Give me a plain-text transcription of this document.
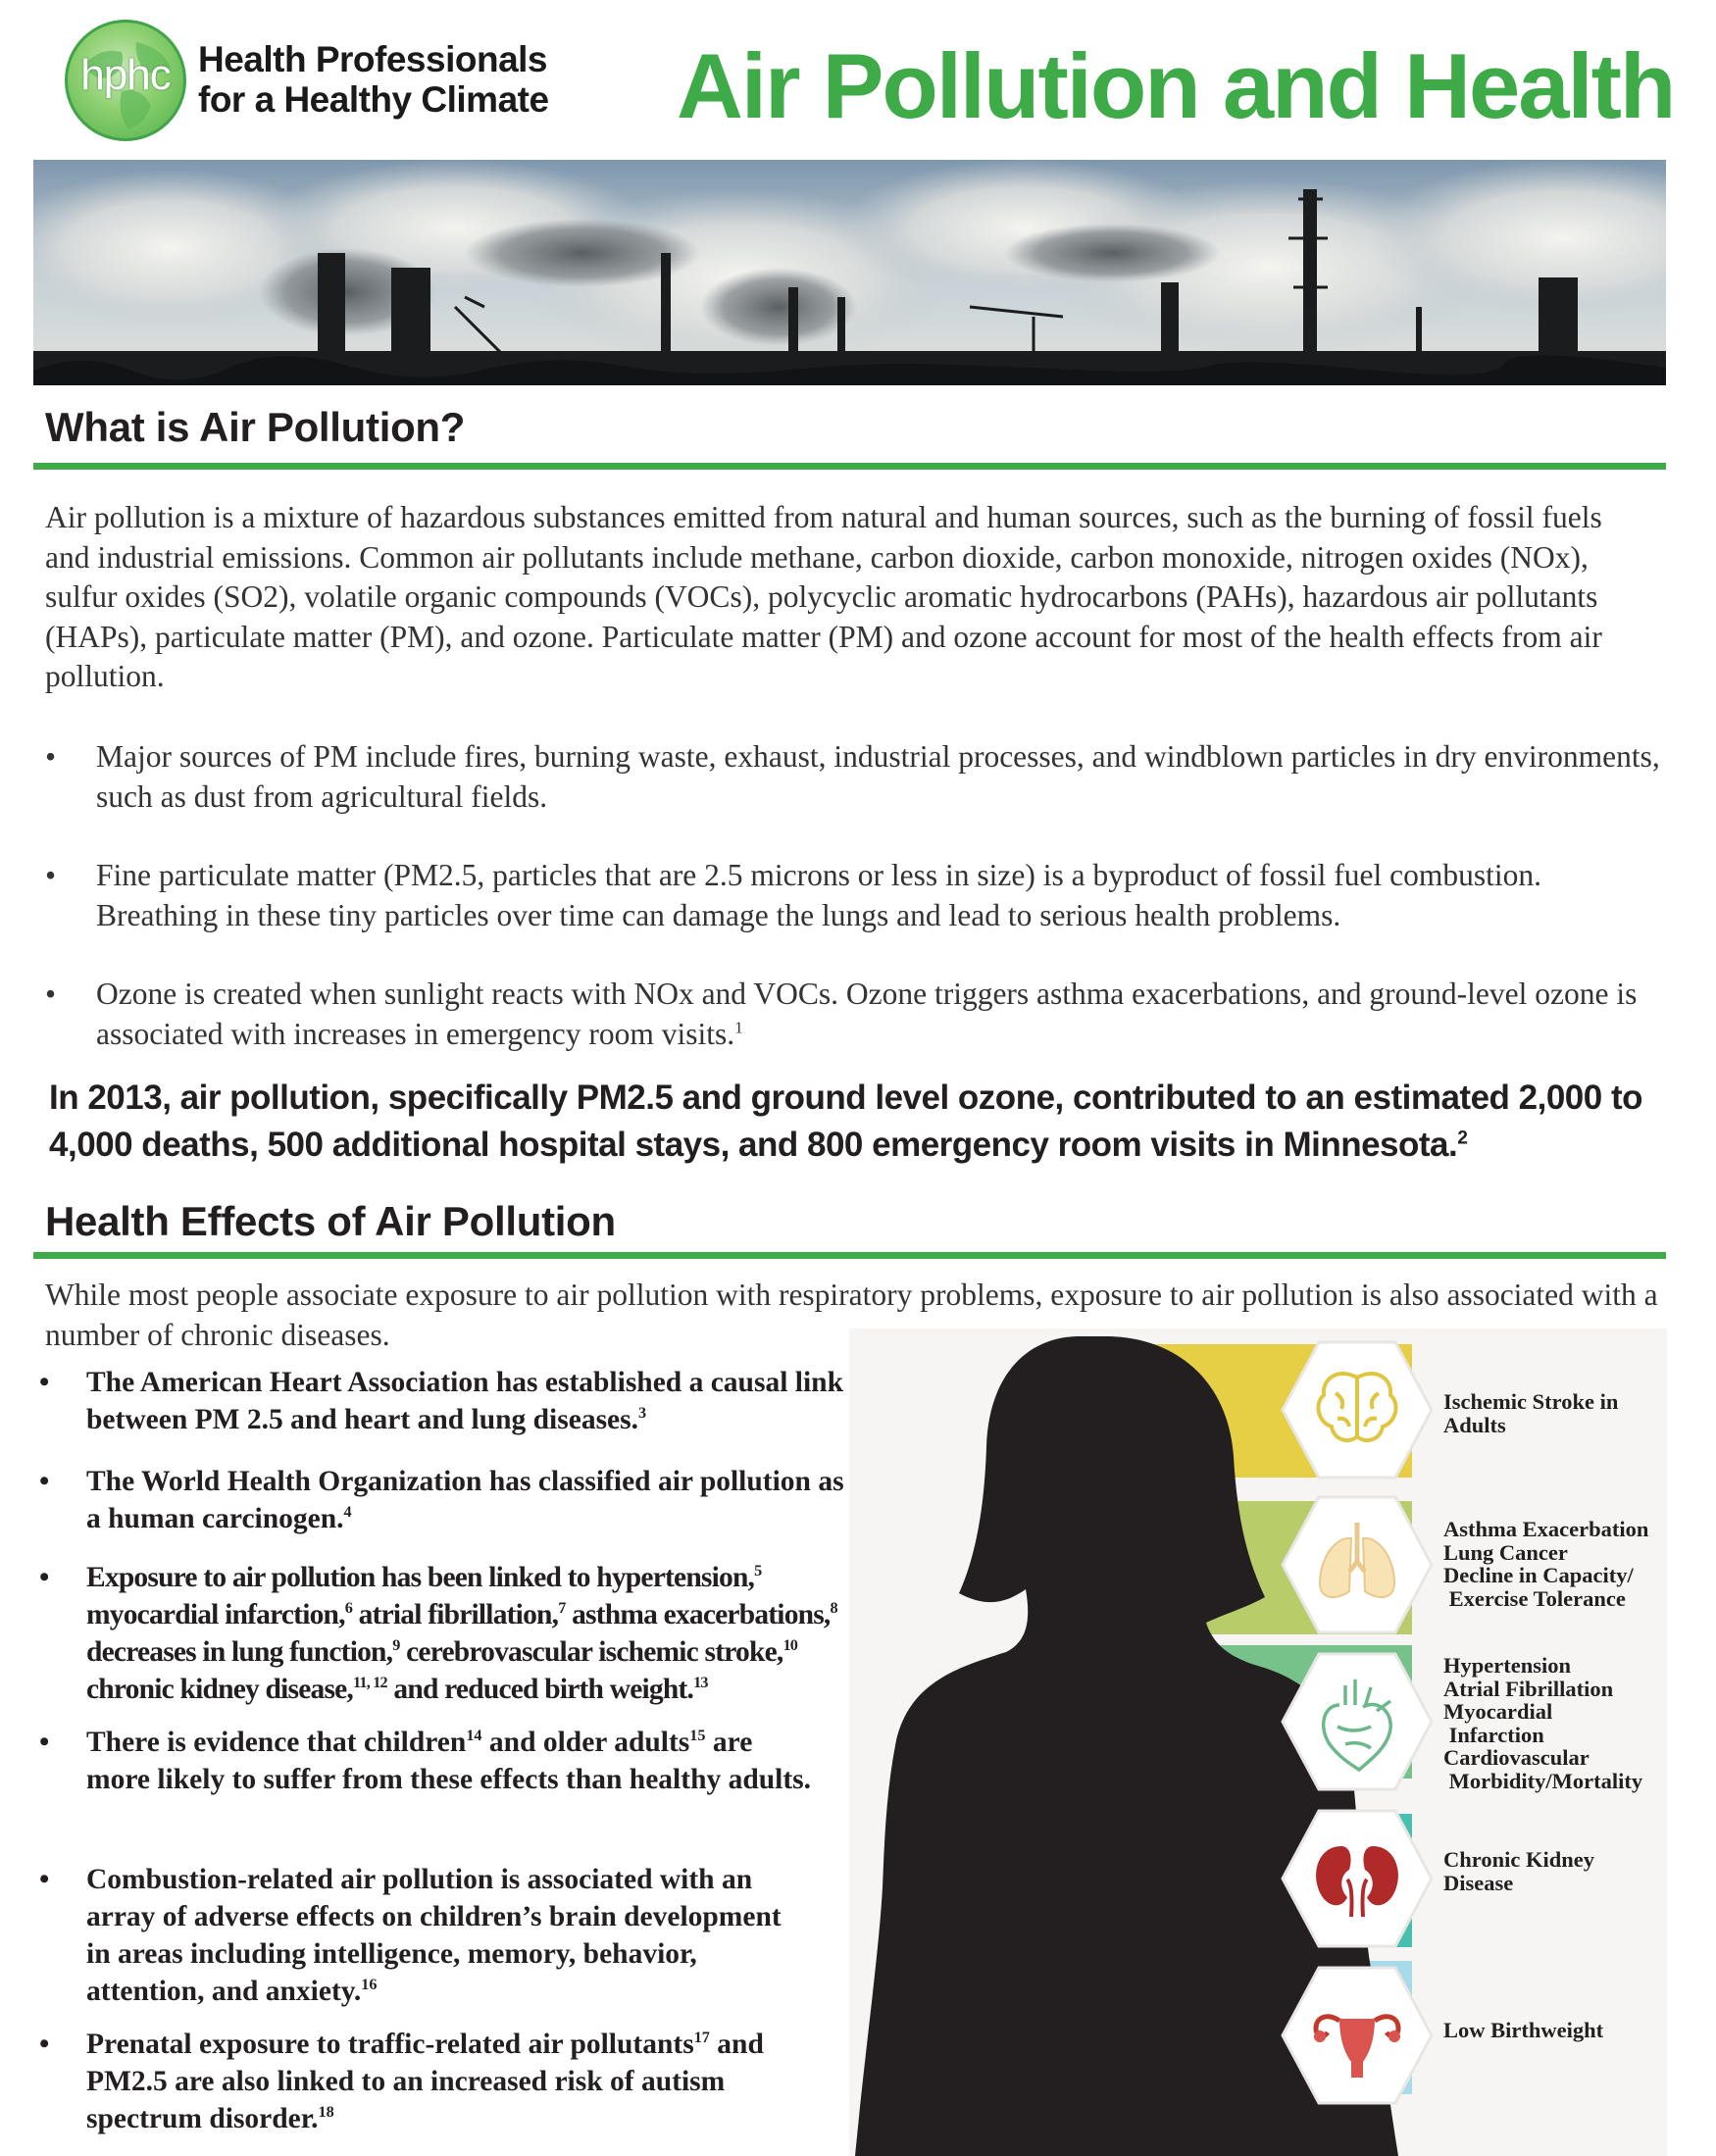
hphc Health Professionals
for a Healthy Climate Air Pollution and Health
What is Air Pollution?
Air pollution is a mixture of hazardous substances emitted from natural and human sources, such as the burning of fossil fuels and industrial emissions. Common air pollutants include methane, carbon dioxide, carbon monoxide, nitrogen oxides (NOx), sulfur oxides (SO2), volatile organic compounds (VOCs), polycyclic aromatic hydrocarbons (PAHs), hazardous air pollutants (HAPs), particulate matter (PM), and ozone. Particulate matter (PM) and ozone account for most of the health effects from air pollution.
• Major sources of PM include fires, burning waste, exhaust, industrial processes, and windblown particles in dry environments, such as dust from agricultural fields.
• Fine particulate matter (PM2.5, particles that are 2.5 microns or less in size) is a byproduct of fossil fuel combustion. Breathing in these tiny particles over time can damage the lungs and lead to serious health problems.
• Ozone is created when sunlight reacts with NOx and VOCs. Ozone triggers asthma exacerbations, and ground-level ozone is associated with increases in emergency room visits.$^1$
In 2013, air pollution, specifically PM2.5 and ground level ozone, contributed to an estimated 2,000 to 4,000 deaths, 500 additional hospital stays, and 800 emergency room visits in Minnesota.$^2$
Health Effects of Air Pollution
While most people associate exposure to air pollution with respiratory problems, exposure to air pollution is also associated with a number of chronic diseases.
• The American Heart Association has established a causal link between PM 2.5 and heart and lung diseases.$^3$
• The World Health Organization has classified air pollution as a human carcinogen.$^4$
• Exposure to air pollution has been linked to hypertension,$^5$ myocardial infarction,$^6$ atrial fibrillation,$^7$ asthma exacerbations,$^8$ decreases in lung function,$^9$ cerebrovascular ischemic stroke,$^{10}$ chronic kidney disease,$^{11, 12}$ and reduced birth weight.$^{13}$
• There is evidence that children$^{14}$ and older adults$^{15}$ are more likely to suffer from these effects than healthy adults.
• Combustion-related air pollution is associated with an array of adverse effects on children’s brain development in areas including intelligence, memory, behavior, attention, and anxiety.$^{16}$
• Prenatal exposure to traffic-related air pollutants$^{17}$ and PM2.5 are also linked to an increased risk of autism spectrum disorder.$^{18}$
Ischemic Stroke in
Adults
Asthma Exacerbation
Lung Cancer
Decline in Capacity/
Exercise Tolerance
Hypertension
Atrial Fibrillation
Myocardial
Infarction
Cardiovascular
Morbidity/Mortality
Chronic Kidney
Disease
Low Birthweight
